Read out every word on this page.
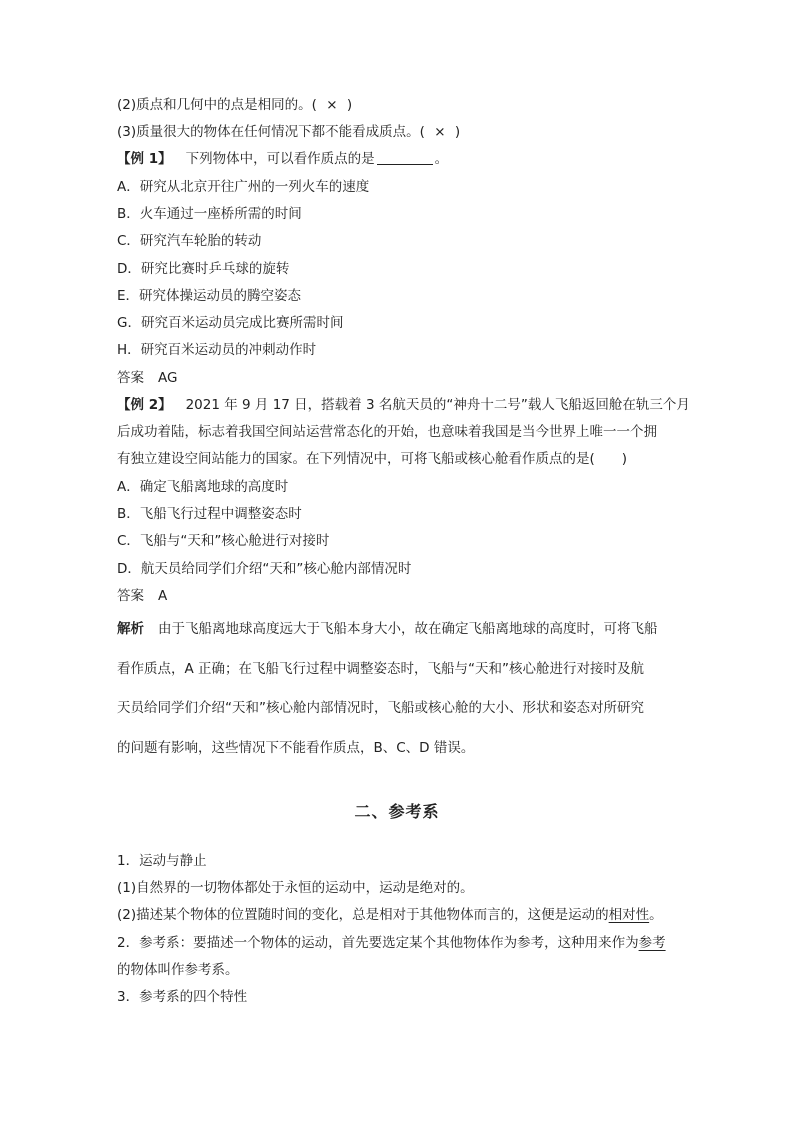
(2)质点和几何中的点是相同的。( × )
(3)质量很大的物体在任何情况下都不能看成质点。( × )
【例 1】 下列物体中，可以看作质点的是	。
A．研究从北京开往广州的一列火车的速度
B．火车通过一座桥所需的时间
C．研究汽车轮胎的转动
D．研究比赛时乒乓球的旋转
E．研究体操运动员的腾空姿态
G．研究百米运动员完成比赛所需时间
H．研究百米运动员的冲刺动作时
答案 AG
【例 2】 2021 年 9 月 17 日，搭载着 3 名航天员的“神舟十二号”载人飞船返回舱在轨三个月
后成功着陆，标志着我国空间站运营常态化的开始，也意味着我国是当今世界上唯一一个拥
有独立建设空间站能力的国家。在下列情况中，可将飞船或核心舱看作质点的是(　　)
A．确定飞船离地球的高度时
B．飞船飞行过程中调整姿态时
C．飞船与“天和”核心舱进行对接时
D．航天员给同学们介绍“天和”核心舱内部情况时
答案 A
解析 由于飞船离地球高度远大于飞船本身大小，故在确定飞船离地球的高度时，可将飞船
看作质点，A 正确；在飞船飞行过程中调整姿态时，飞船与“天和”核心舱进行对接时及航
天员给同学们介绍“天和”核心舱内部情况时，飞船或核心舱的大小、形状和姿态对所研究
的问题有影响，这些情况下不能看作质点，B、C、D 错误。
二、参考系
1．运动与静止
(1)自然界的一切物体都处于永恒的运动中，运动是绝对的。
(2)描述某个物体的位置随时间的变化，总是相对于其他物体而言的，这便是运动的相对性。
2．参考系：要描述一个物体的运动，首先要选定某个其他物体作为参考，这种用来作为参考
的物体叫作参考系。
3．参考系的四个特性
